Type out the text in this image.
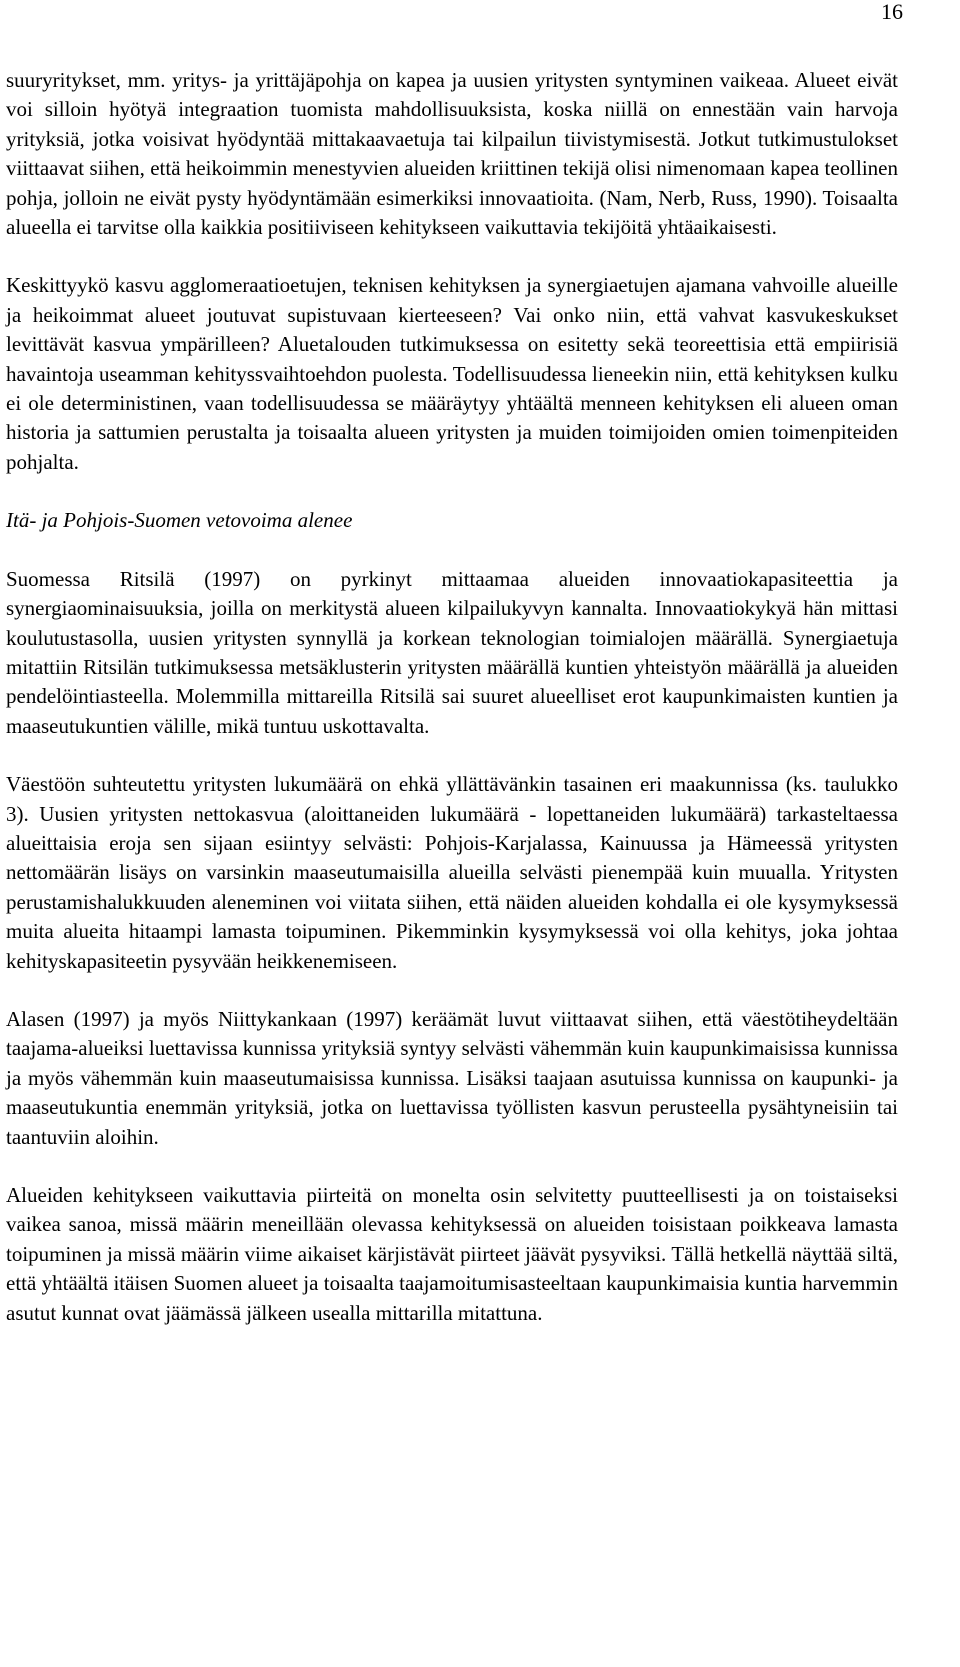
16

suuryritykset, mm. yritys- ja yrittäjäpohja on kapea ja uusien yritysten syntyminen vaikeaa. Alueet eivät voi silloin hyötyä integraation tuomista mahdollisuuksista, koska niillä on ennestään vain harvoja yrityksiä, jotka voisivat hyödyntää mittakaavaetuja tai kilpailun tiivistymisestä. Jotkut tutkimustulokset viittaavat siihen, että heikoimmin menestyvien alueiden kriittinen tekijä olisi nimenomaan kapea teollinen pohja, jolloin ne eivät pysty hyödyntämään esimerkiksi innovaatioita. (Nam, Nerb, Russ, 1990). Toisaalta alueella ei tarvitse olla kaikkia positiiviseen kehitykseen vaikuttavia tekijöitä yhtäaikaisesti.

Keskittyykö kasvu agglomeraatioetujen, teknisen kehityksen ja synergiaetujen ajamana vahvoille alueille ja heikoimmat alueet joutuvat supistuvaan kierteeseen? Vai onko niin, että vahvat kasvukeskukset levittävät kasvua ympärilleen? Aluetalouden tutkimuksessa on esitetty sekä teoreettisia että empiirisiä havaintoja useamman kehityssvaihtoehdon puolesta. Todellisuudessa lieneekin niin, että kehityksen kulku ei ole deterministinen, vaan todellisuudessa se määräytyy yhtäältä menneen kehityksen eli alueen oman historia ja sattumien perustalta ja toisaalta alueen yritysten ja muiden toimijoiden omien toimenpiteiden pohjalta.

Itä- ja Pohjois-Suomen vetovoima alenee

Suomessa Ritsilä (1997) on pyrkinyt mittaamaa alueiden innovaatiokapasiteettia ja synergiaominaisuuksia, joilla on merkitystä alueen kilpailukyvyn kannalta. Innovaatiokykyä hän mittasi koulutustasolla, uusien yritysten synnyllä ja korkean teknologian toimialojen määrällä. Synergiaetuja mitattiin Ritsilän tutkimuksessa metsäklusterin yritysten määrällä kuntien yhteistyön määrällä ja alueiden pendelöintiasteella. Molemmilla mittareilla Ritsilä sai suuret alueelliset erot kaupunkimaisten kuntien ja maaseutukuntien välille, mikä tuntuu uskottavalta.

Väestöön suhteutettu yritysten lukumäärä on ehkä yllättävänkin tasainen eri maakunnissa (ks. taulukko 3). Uusien yritysten nettokasvua (aloittaneiden lukumäärä - lopettaneiden lukumäärä) tarkasteltaessa alueittaisia eroja sen sijaan esiintyy selvästi: Pohjois-Karjalassa, Kainuussa ja Hämeessä yritysten nettomäärän lisäys on varsinkin maaseutumaisilla alueilla selvästi pienempää kuin muualla. Yritysten perustamishalukkuuden aleneminen voi viitata siihen, että näiden alueiden kohdalla ei ole kysymyksessä muita alueita hitaampi lamasta toipuminen. Pikemminkin kysymyksessä voi olla kehitys, joka johtaa kehityskapasiteetin pysyvään heikkenemiseen.

Alasen (1997) ja myös Niittykankaan (1997) keräämät luvut viittaavat siihen, että väestötiheydeltään taajama-alueiksi luettavissa kunnissa yrityksiä syntyy selvästi vähemmän kuin kaupunkimaisissa kunnissa ja myös vähemmän kuin maaseutumaisissa kunnissa. Lisäksi taajaan asutuissa kunnissa on kaupunki- ja maaseutukuntia enemmän yrityksiä, jotka on luettavissa työllisten kasvun perusteella pysähtyneisiin tai taantuviin aloihin.

Alueiden kehitykseen vaikuttavia piirteitä on monelta osin selvitetty puutteellisesti ja on toistaiseksi vaikea sanoa, missä määrin meneillään olevassa kehityksessä on alueiden toisistaan poikkeava lamasta toipuminen ja missä määrin viime aikaiset kärjistävät piirteet jäävät pysyviksi. Tällä hetkellä näyttää siltä, että yhtäältä itäisen Suomen alueet ja toisaalta taajamoitumisasteeltaan kaupunkimaisia kuntia harvemmin asutut kunnat ovat jäämässä jälkeen usealla mittarilla mitattuna.
